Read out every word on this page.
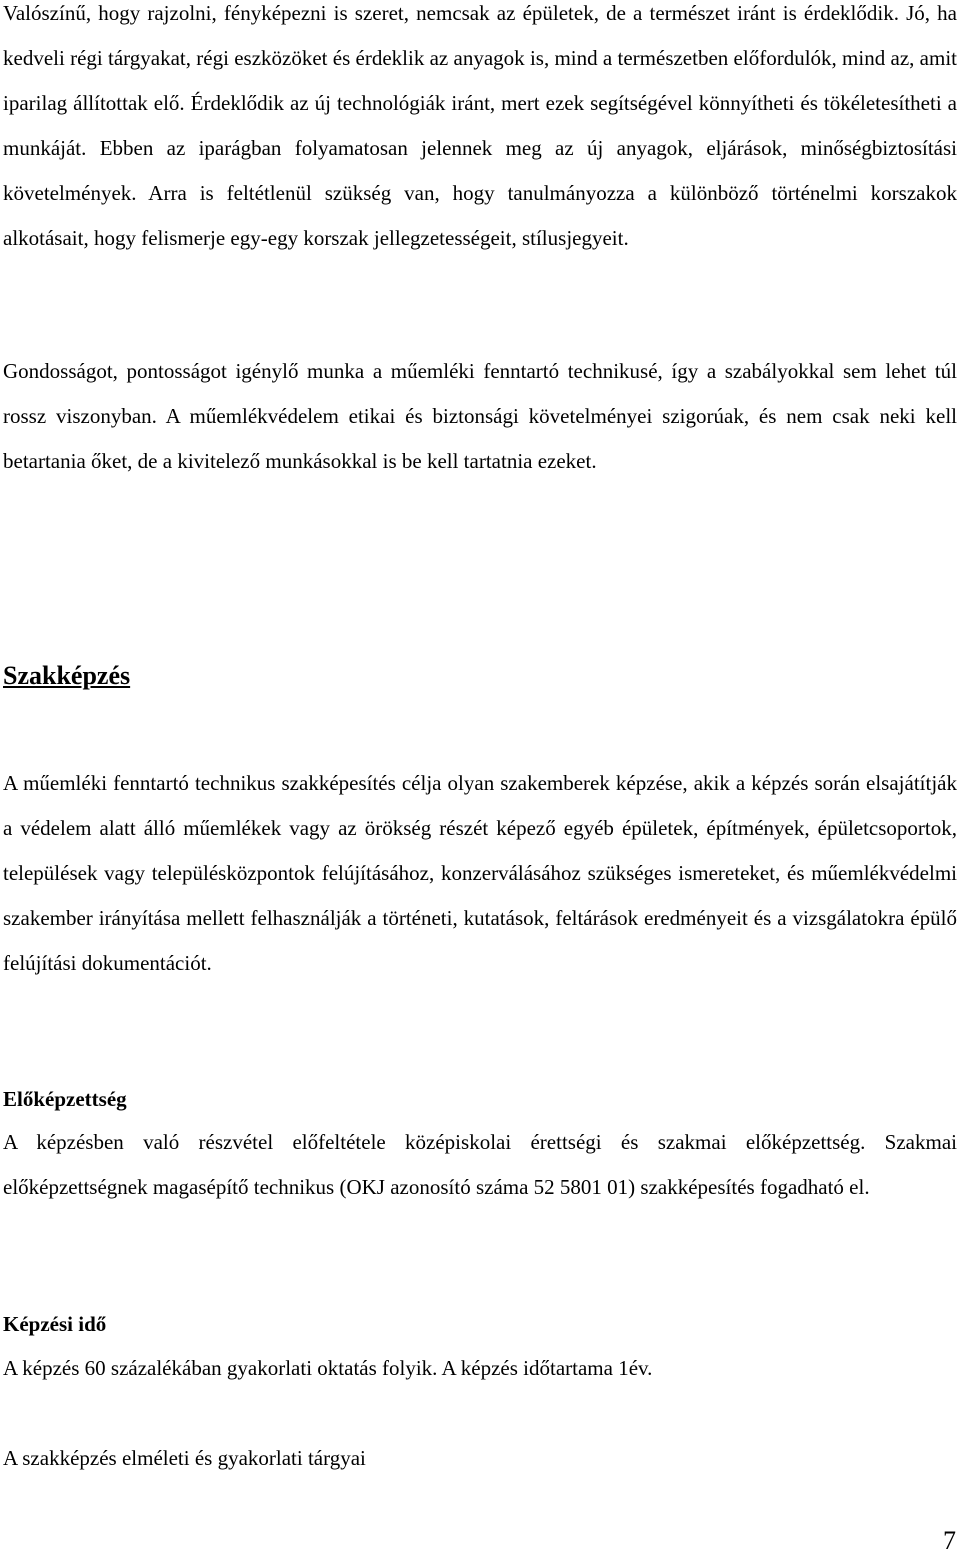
Valószínű, hogy rajzolni, fényképezni is szeret, nemcsak az épületek, de a természet iránt is érdeklődik. Jó, ha kedveli régi tárgyakat, régi eszközöket és érdeklik az anyagok is, mind a természetben előfordulók, mind az, amit iparilag állítottak elő. Érdeklődik az új technológiák iránt, mert ezek segítségével könnyítheti és tökéletesítheti a munkáját. Ebben az iparágban folyamatosan jelennek meg az új anyagok, eljárások, minőségbiztosítási követelmények. Arra is feltétlenül szükség van, hogy tanulmányozza a különböző történelmi korszakok alkotásait, hogy felismerje egy-egy korszak jellegzetességeit, stílusjegyeit.

Gondosságot, pontosságot igénylő munka a műemléki fenntartó technikusé, így a szabályokkal sem lehet túl rossz viszonyban. A műemlékvédelem etikai és biztonsági követelményei szigorúak, és nem csak neki kell betartania őket, de a kivitelező munkásokkal is be kell tartatnia ezeket.

Szakképzés

A műemléki fenntartó technikus szakképesítés célja olyan szakemberek képzése, akik a képzés során elsajátítják a védelem alatt álló műemlékek vagy az örökség részét képező egyéb épületek, építmények, épületcsoportok, települések vagy településközpontok felújításához, konzerválásához szükséges ismereteket, és műemlékvédelmi szakember irányítása mellett felhasználják a történeti, kutatások, feltárások eredményeit és a vizsgálatokra épülő felújítási dokumentációt.

Előképzettség

A képzésben való részvétel előfeltétele középiskolai érettségi és szakmai előképzettség. Szakmai előképzettségnek magasépítő technikus (OKJ azonosító száma 52 5801 01) szakképesítés fogadható el.

Képzési idő

A képzés 60 százalékában gyakorlati oktatás folyik. A képzés időtartama 1év.

A szakképzés elméleti és gyakorlati tárgyai

7
